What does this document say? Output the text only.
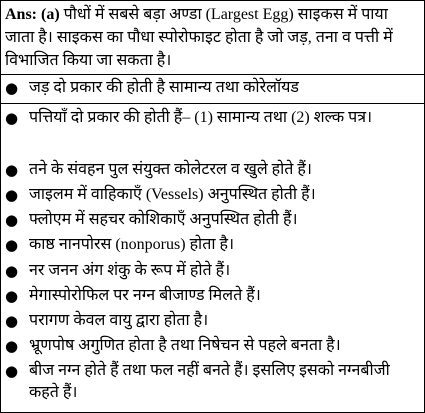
Ans: (a) पौधों में सबसे बड़ा अण्डा (Largest Egg) साइकस में पाया जाता है। साइकस का पौधा स्पोरोफाइट होता है जो जड़, तना व पत्ती में विभाजित किया जा सकता है।
● जड़ दो प्रकार की होती है सामान्य तथा कोरेलॉयड
● पत्तियाँ दो प्रकार की होती हैं– (1) सामान्य तथा (2) शल्क पत्र।
● तने के संवहन पुल संयुक्त कोलेटरल व खुले होते हैं।
● जाइलम में वाहिकाएँ (Vessels) अनुपस्थित होती हैं।
● फ्लोएम में सहचर कोशिकाएँ अनुपस्थित होती हैं।
● काष्ठ नानपोरस (nonporus) होता है।
● नर जनन अंग शंकु के रूप में होते हैं।
● मेगास्पोरोफिल पर नग्न बीजाण्ड मिलते हैं।
● परागण केवल वायु द्वारा होता है।
● भ्रूणपोष अगुणित होता है तथा निषेचन से पहले बनता है।
● बीज नग्न होते हैं तथा फल नहीं बनते हैं। इसलिए इसको नग्नबीजी कहते हैं।
